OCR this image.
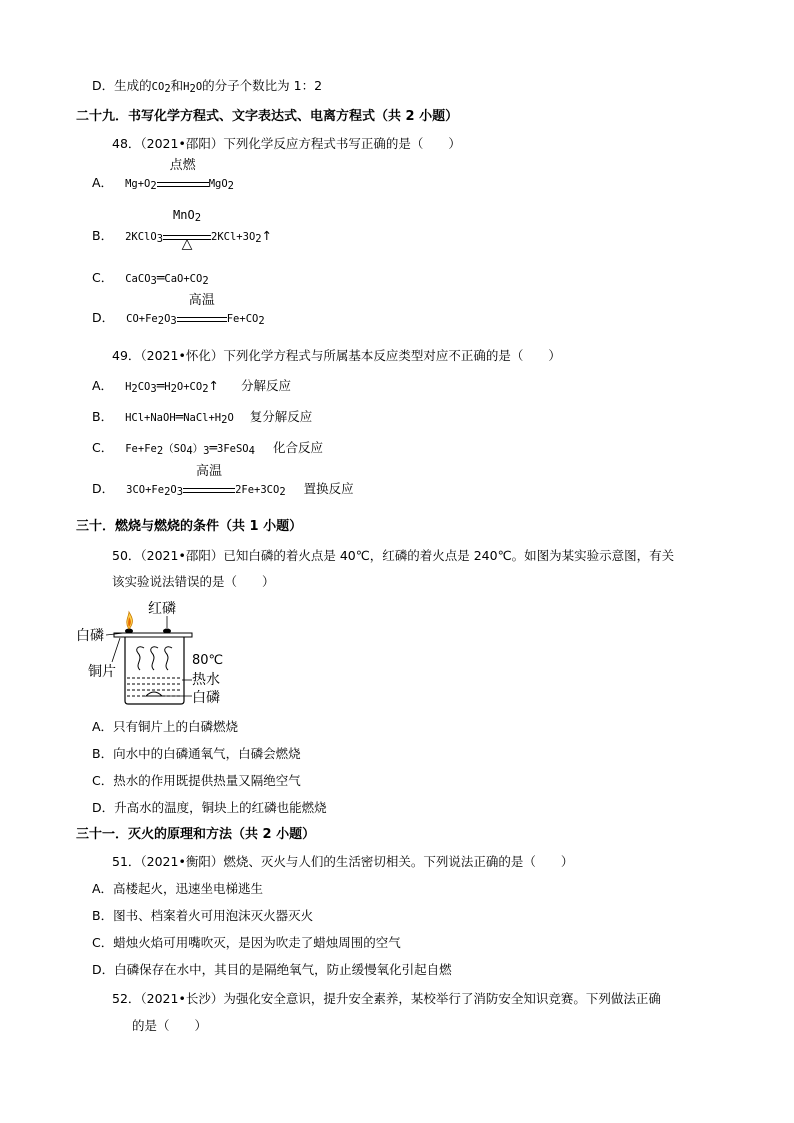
D．生成的$CO_2$和$H_2O$的分子个数比为 1：2
二十九．书写化学方程式、文字表达式、电离方程式（共 2 小题）
48．（2021•邵阳）下列化学反应方程式书写正确的是（　　）
A． $Mg+O_2$
点燃
MgO$_2$
B． 2KClO$_3$
MnO$_2$
△	$2KCl+3O_2↑$
C． $CaCO_3═CaO+CO_2$
D． $CO+Fe_2O_3$
高温
$Fe+CO_2$
49．（2021•怀化）下列化学方程式与所属基本反应类型对应不正确的是（　　）
A． $H_2CO_3═H_2O+CO_2↑$ 分解反应
B． $HCl+NaOH═NaCl+H_2O$ 复分解反应
C． $Fe+Fe_2(SO_4)_3═3FeSO_4$ 化合反应
D． $3CO+Fe_2O_3$
高温
$2Fe+3CO_2$ 置换反应
三十．燃烧与燃烧的条件（共 1 小题）
50．（2021•邵阳）已知白磷的着火点是 40℃，红磷的着火点是 240℃。如图为某实验示意图，有关
该实验说法错误的是（　　）
红磷
白磷
铜片
80℃
热水
白磷
A．只有铜片上的白磷燃烧
B．向水中的白磷通氧气，白磷会燃烧
C．热水的作用既提供热量又隔绝空气
D．升高水的温度，铜块上的红磷也能燃烧
三十一．灭火的原理和方法（共 2 小题）
51．（2021•衡阳）燃烧、灭火与人们的生活密切相关。下列说法正确的是（　　）
A．高楼起火，迅速坐电梯逃生
B．图书、档案着火可用泡沫灭火器灭火
C．蜡烛火焰可用嘴吹灭，是因为吹走了蜡烛周围的空气
D．白磷保存在水中，其目的是隔绝氧气，防止缓慢氧化引起自燃
52．（2021•长沙）为强化安全意识，提升安全素养，某校举行了消防安全知识竞赛。下列做法正确
的是（　　）
